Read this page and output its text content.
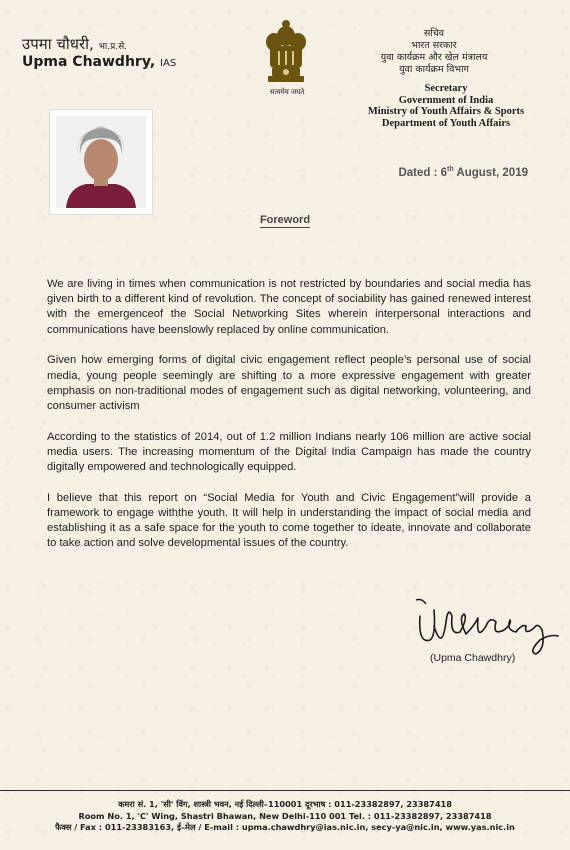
उपमा चौधरी, भा.प्र.से.
Upma Chawdhry, IAS
सत्यमेव जयते
सचिव
भारत सरकार
युवा कार्यक्रम और खेल मंत्रालय
युवा कार्यक्रम विभाग
Secretary
Government of India
Ministry of Youth Affairs & Sports
Department of Youth Affairs
Dated : 6th August, 2019
Foreword

We are living in times when communication is not restricted by boundaries and social media has given birth to a different kind of revolution. The concept of sociability has gained renewed interest with the emergenceof the Social Networking Sites wherein interpersonal interactions and communications have beenslowly replaced by online communication.

Given how emerging forms of digital civic engagement reflect people’s personal use of social media, young people seemingly are shifting to a more expressive engagement with greater emphasis on non-traditional modes of engagement such as digital networking, volunteering, and consumer activism

According to the statistics of 2014, out of 1.2 million Indians nearly 106 million are active social media users. The increasing momentum of the Digital India Campaign has made the country digitally empowered and technologically equipped.

I believe that this report on “Social Media for Youth and Civic Engagement”will provide a framework to engage withthe youth. It will help in understanding the impact of social media and establishing it as a safe space for the youth to come together to ideate, innovate and collaborate to take action and solve developmental issues of the country.

(Upma Chawdhry)
कमरा सं. 1, 'सी' विंग, शास्त्री भवन, नई दिल्ली–110001 दूरभाष : 011-23382897, 23387418
Room No. 1, 'C' Wing, Shastri Bhawan, New Delhi-110 001 Tel. : 011-23382897, 23387418
फैक्स / Fax : 011-23383163, ई–मेल / E-mail : upma.chawdhry@ias.nic.in, secy-ya@nic.in, www.yas.nic.in
